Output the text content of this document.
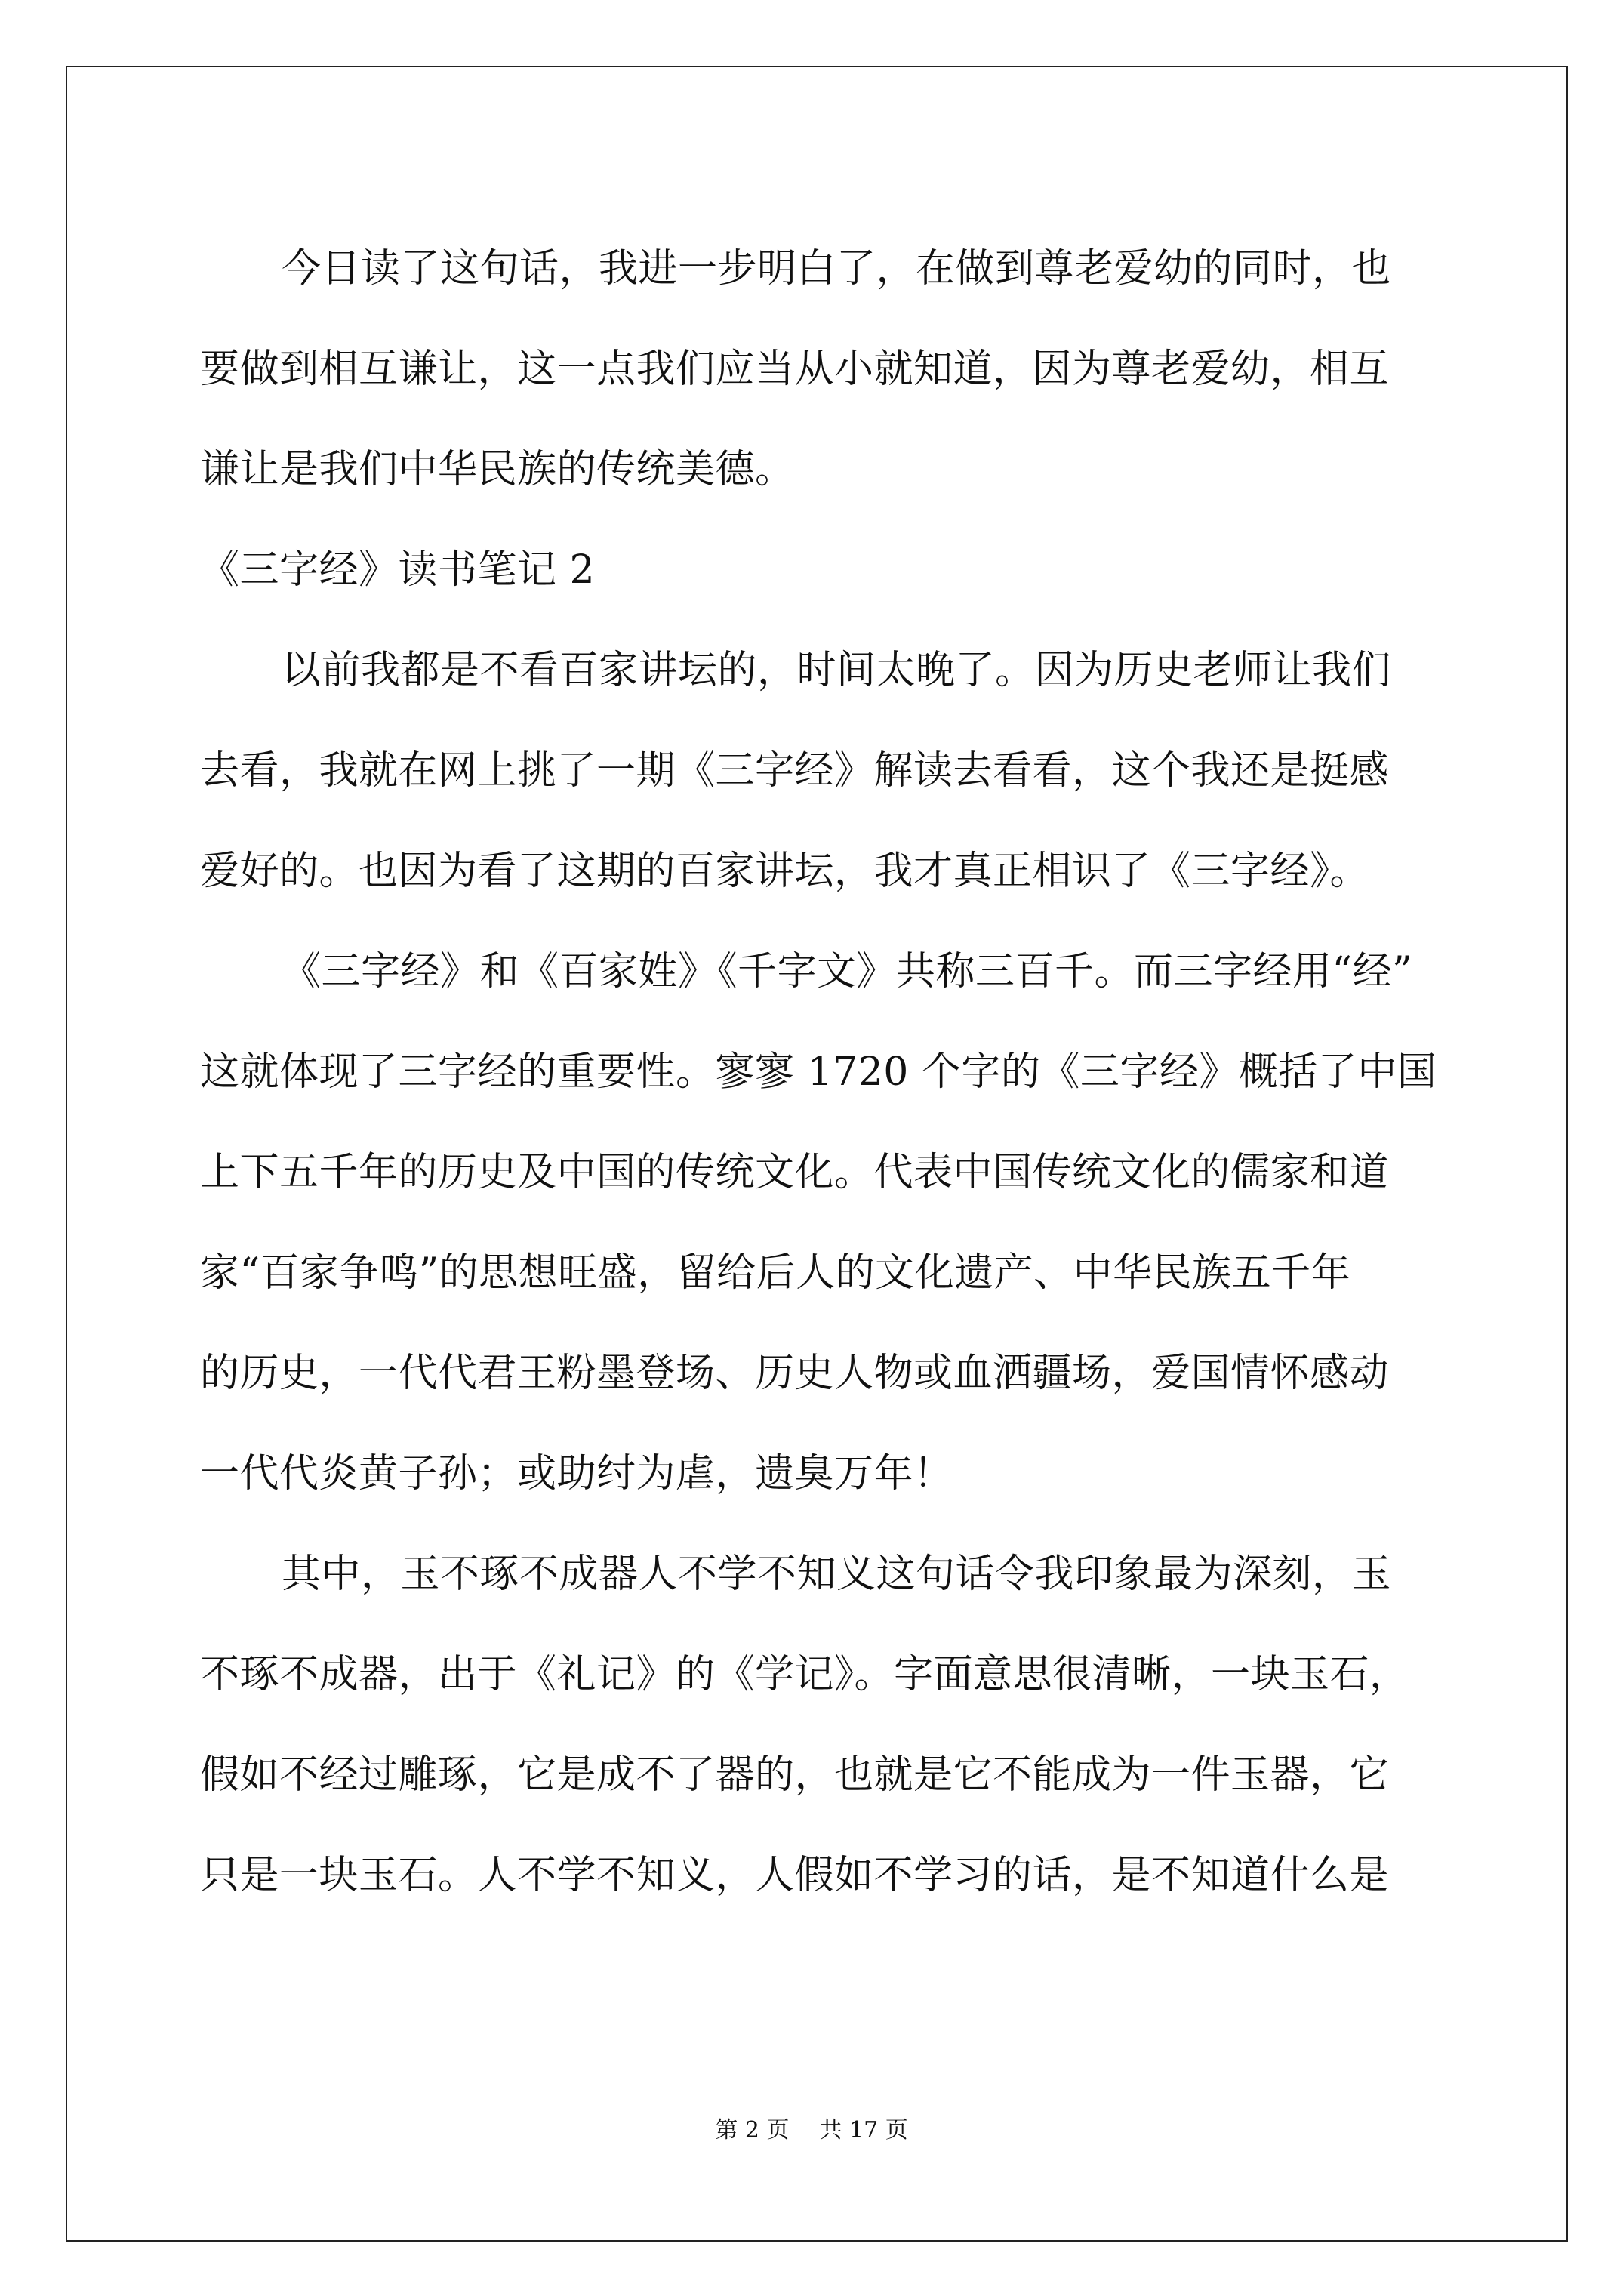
今日读了这句话，我进一步明白了，在做到尊老爱幼的同时，也
要做到相互谦让，这一点我们应当从小就知道，因为尊老爱幼，相互
谦让是我们中华民族的传统美德。
《三字经》读书笔记 2
以前我都是不看百家讲坛的，时间太晚了。因为历史老师让我们
去看，我就在网上挑了一期《三字经》解读去看看，这个我还是挺感
爱好的。也因为看了这期的百家讲坛，我才真正相识了《三字经》。
《三字经》和《百家姓》《千字文》共称三百千。而三字经用“经”
这就体现了三字经的重要性。寥寥 1720 个字的《三字经》概括了中国
上下五千年的历史及中国的传统文化。代表中国传统文化的儒家和道
家“百家争鸣”的思想旺盛，留给后人的文化遗产、中华民族五千年
的历史，一代代君王粉墨登场、历史人物或血洒疆场，爱国情怀感动
一代代炎黄子孙；或助纣为虐，遗臭万年！
其中，玉不琢不成器人不学不知义这句话令我印象最为深刻，玉
不琢不成器，出于《礼记》的《学记》。字面意思很清晰，一块玉石，
假如不经过雕琢，它是成不了器的，也就是它不能成为一件玉器，它
只是一块玉石。人不学不知义，人假如不学习的话，是不知道什么是
第 2 页 共 17 页
